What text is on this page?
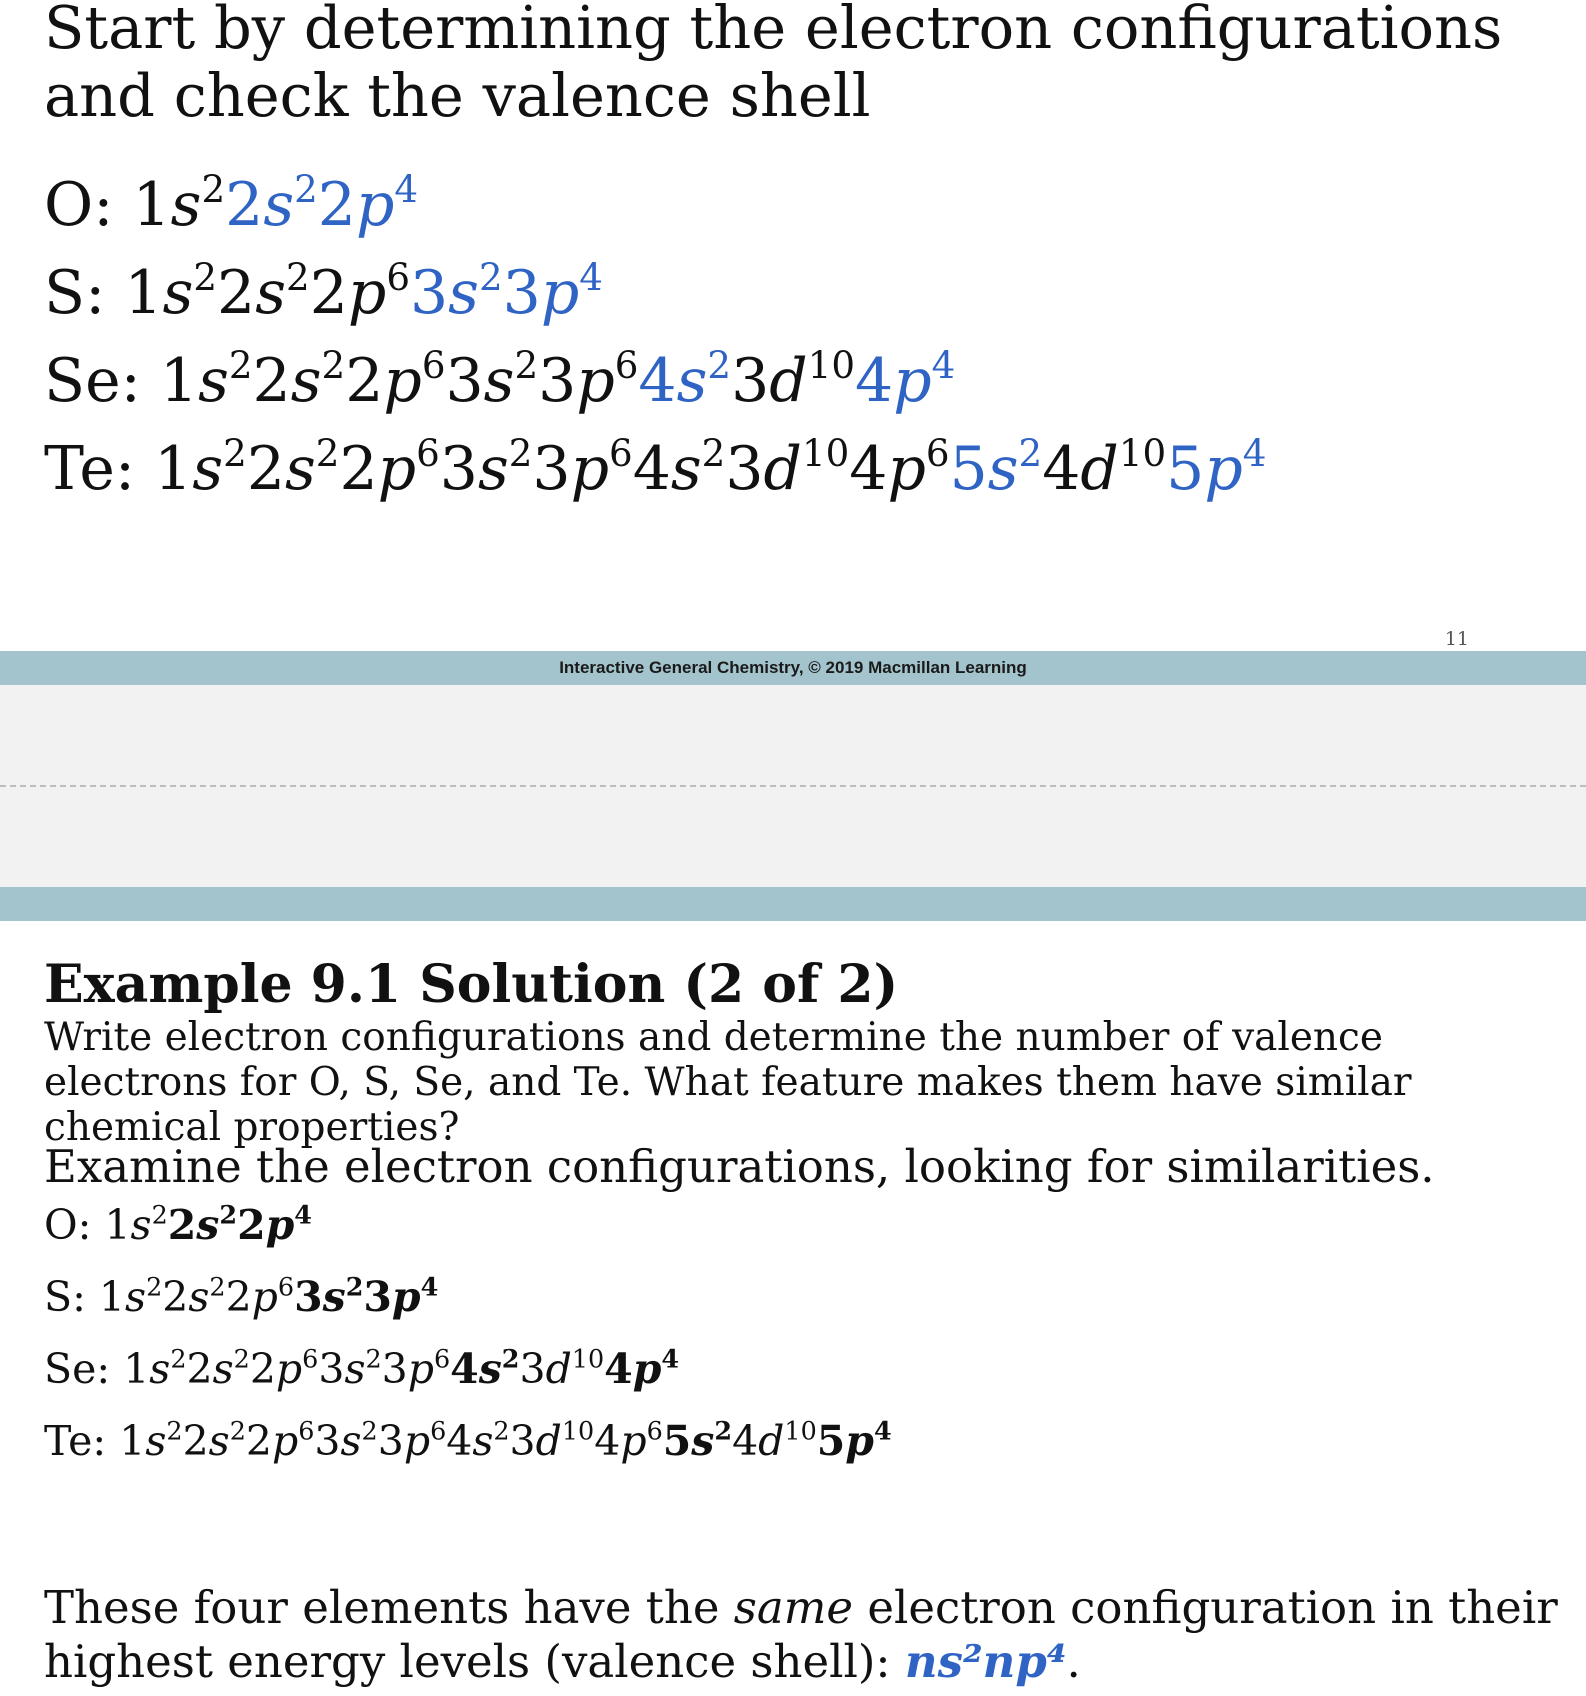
Start by determining the electron configurations and check the valence shell
O: $1s^22s^22p^4$
S: $1s^22s^22p^63s^23p^4$
Se: $1s^22s^22p^63s^23p^64s^23d^{10}4p^4$
Te: $1s^22s^22p^63s^23p^64s^23d^{10}4p^65s^24d^{10}5p^4$
11
Interactive General Chemistry, © 2019 Macmillan Learning
Example 9.1 Solution (2 of 2)

Write electron configurations and determine the number of valence electrons for O, S, Se, and Te. What feature makes them have similar chemical properties?

Examine the electron configurations, looking for similarities.

O: $1s^22s^22p^4$
S: $1s^22s^22p^63s^23p^4$
Se: $1s^22s^22p^63s^23p^64s^23d^{10}4p^4$
Te: $1s^22s^22p^63s^23p^64s^23d^{10}4p^65s^24d^{10}5p^4$

These four elements have the same electron configuration in their highest energy levels (valence shell): ns²np⁴.
